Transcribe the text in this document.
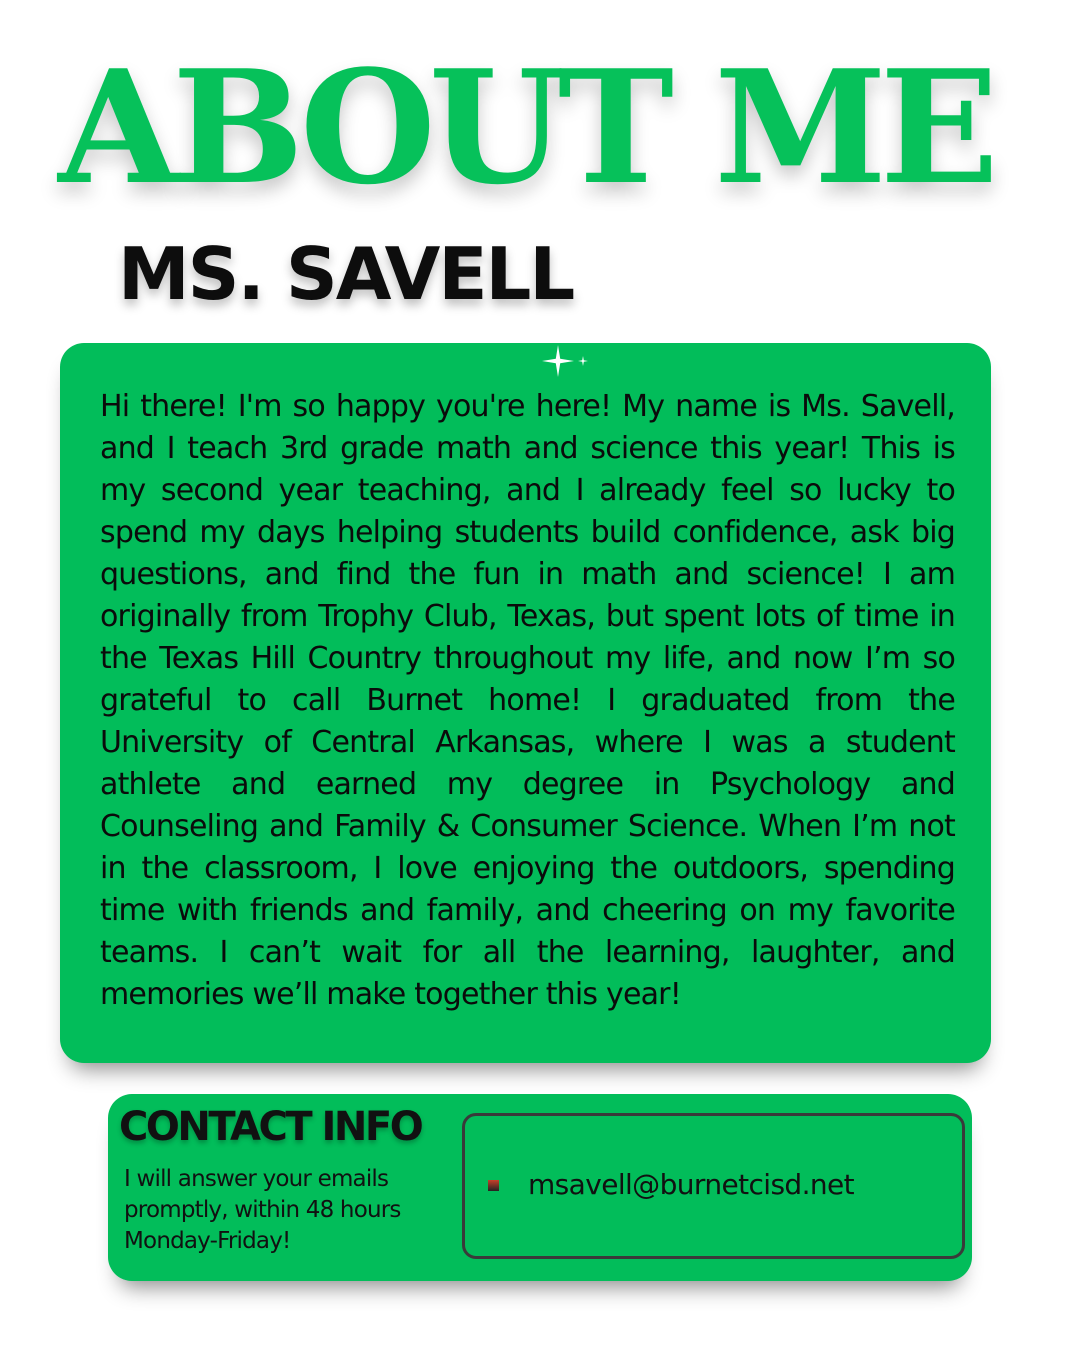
ABOUT ME
MS. SAVELL

Hi there! I'm so happy you're here! My name is Ms. Savell, and I teach 3rd grade math and science this year! This is my second year teaching, and I already feel so lucky to spend my days helping students build confidence, ask big questions, and find the fun in math and science! I am originally from Trophy Club, Texas, but spent lots of time in the Texas Hill Country throughout my life, and now I’m so grateful to call Burnet home! I graduated from the University of Central Arkansas, where I was a student athlete and earned my degree in Psychology and Counseling and Family & Consumer Science. When I’m not in the classroom, I love enjoying the outdoors, spending time with friends and family, and cheering on my favorite teams. I can’t wait for all the learning, laughter, and memories we’ll make together this year!

CONTACT INFO

I will answer your emails promptly, within 48 hours Monday-Friday!

msavell@burnetcisd.net
